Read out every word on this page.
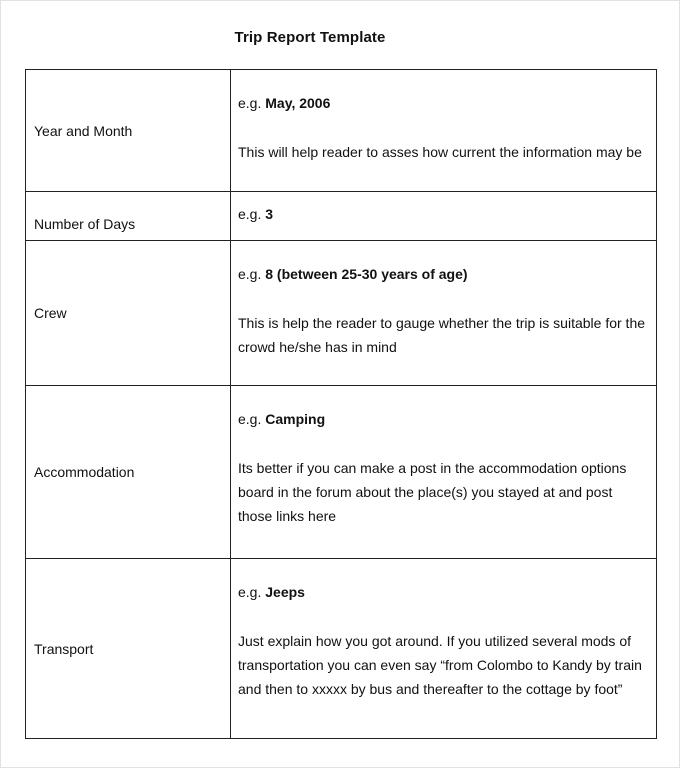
Trip Report Template
Year and Month	e.g. May, 2006
This will help reader to asses how current the information may be

Number of Days	e.g. 3

Crew	e.g. 8 (between 25-30 years of age)
This is help the reader to gauge whether the trip is suitable for the crowd he/she has in mind

Accommodation	e.g. Camping
Its better if you can make a post in the accommodation options board in the forum about the place(s) you stayed at and post those links here

Transport	e.g. Jeeps
Just explain how you got around. If you utilized several mods of transportation you can even say “from Colombo to Kandy by train and then to xxxxx by bus and thereafter to the cottage by foot”
